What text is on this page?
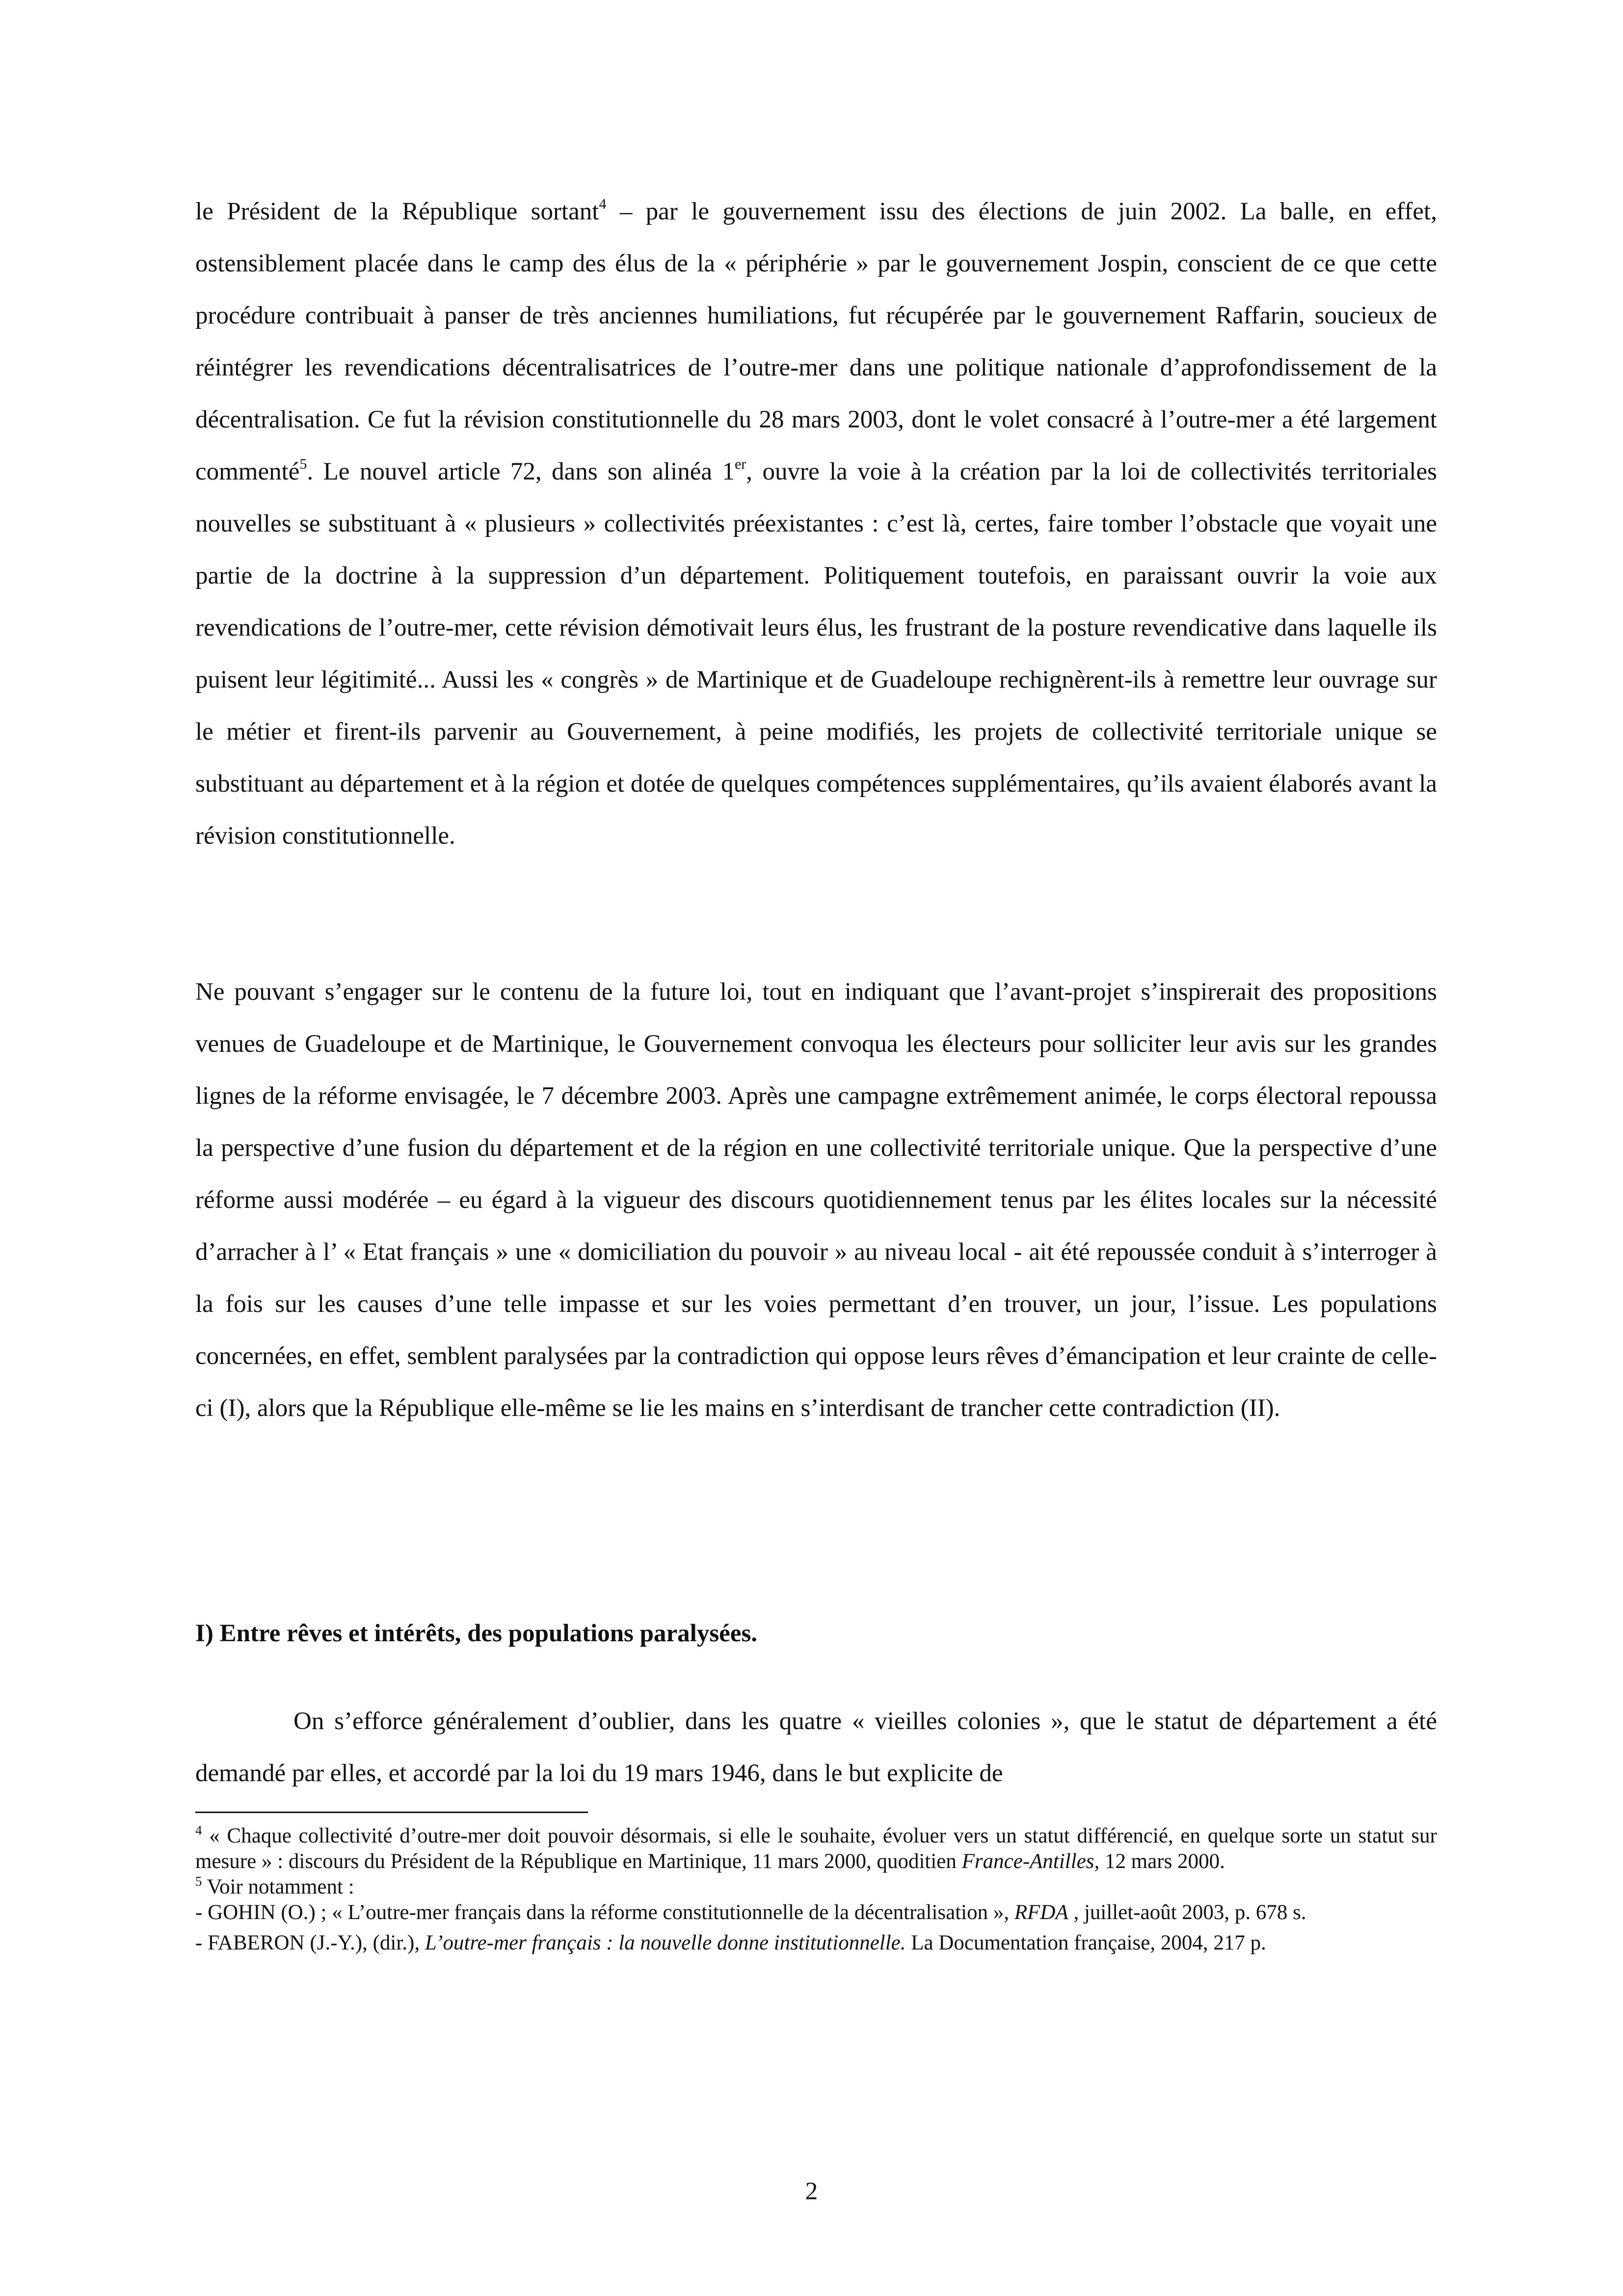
le Président de la République sortant$^4$ – par le gouvernement issu des élections de juin 2002. La balle, en effet, ostensiblement placée dans le camp des élus de la « périphérie » par le gouvernement Jospin, conscient de ce que cette procédure contribuait à panser de très anciennes humiliations, fut récupérée par le gouvernement Raffarin, soucieux de réintégrer les revendications décentralisatrices de l’outre-mer dans une politique nationale d’approfondissement de la décentralisation. Ce fut la révision constitutionnelle du 28 mars 2003, dont le volet consacré à l’outre-mer a été largement commenté$^5$. Le nouvel article 72, dans son alinéa 1er, ouvre la voie à la création par la loi de collectivités territoriales nouvelles se substituant à « plusieurs » collectivités préexistantes : c’est là, certes, faire tomber l’obstacle que voyait une partie de la doctrine à la suppression d’un département. Politiquement toutefois, en paraissant ouvrir la voie aux revendications de l’outre-mer, cette révision démotivait leurs élus, les frustrant de la posture revendicative dans laquelle ils puisent leur légitimité... Aussi les « congrès » de Martinique et de Guadeloupe rechignèrent-ils à remettre leur ouvrage sur le métier et firent-ils parvenir au Gouvernement, à peine modifiés, les projets de collectivité territoriale unique se substituant au département et à la région et dotée de quelques compétences supplémentaires, qu’ils avaient élaborés avant la révision constitutionnelle.

Ne pouvant s’engager sur le contenu de la future loi, tout en indiquant que l’avant-projet s’inspirerait des propositions venues de Guadeloupe et de Martinique, le Gouvernement convoqua les électeurs pour solliciter leur avis sur les grandes lignes de la réforme envisagée, le 7 décembre 2003. Après une campagne extrêmement animée, le corps électoral repoussa la perspective d’une fusion du département et de la région en une collectivité territoriale unique. Que la perspective d’une réforme aussi modérée – eu égard à la vigueur des discours quotidiennement tenus par les élites locales sur la nécessité d’arracher à l’ « Etat français » une « domiciliation du pouvoir » au niveau local - ait été repoussée conduit à s’interroger à la fois sur les causes d’une telle impasse et sur les voies permettant d’en trouver, un jour, l’issue. Les populations concernées, en effet, semblent paralysées par la contradiction qui oppose leurs rêves d’émancipation et leur crainte de celle-ci (I), alors que la République elle-même se lie les mains en s’interdisant de trancher cette contradiction (II).

I) Entre rêves et intérêts, des populations paralysées.

On s’efforce généralement d’oublier, dans les quatre « vieilles colonies », que le statut de département a été demandé par elles, et accordé par la loi du 19 mars 1946, dans le but explicite de

$^4$ « Chaque collectivité d’outre-mer doit pouvoir désormais, si elle le souhaite, évoluer vers un statut différencié, en quelque sorte un statut sur mesure » : discours du Président de la République en Martinique, 11 mars 2000, quoditien France-Antilles, 12 mars 2000.

$^5$ Voir notamment :

- GOHIN (O.) ; « L’outre-mer français dans la réforme constitutionnelle de la décentralisation », RFDA , juillet-août 2003, p. 678 s.

- FABERON (J.-Y.), (dir.), L’outre-mer français : la nouvelle donne institutionnelle. La Documentation française, 2004, 217 p.

2
